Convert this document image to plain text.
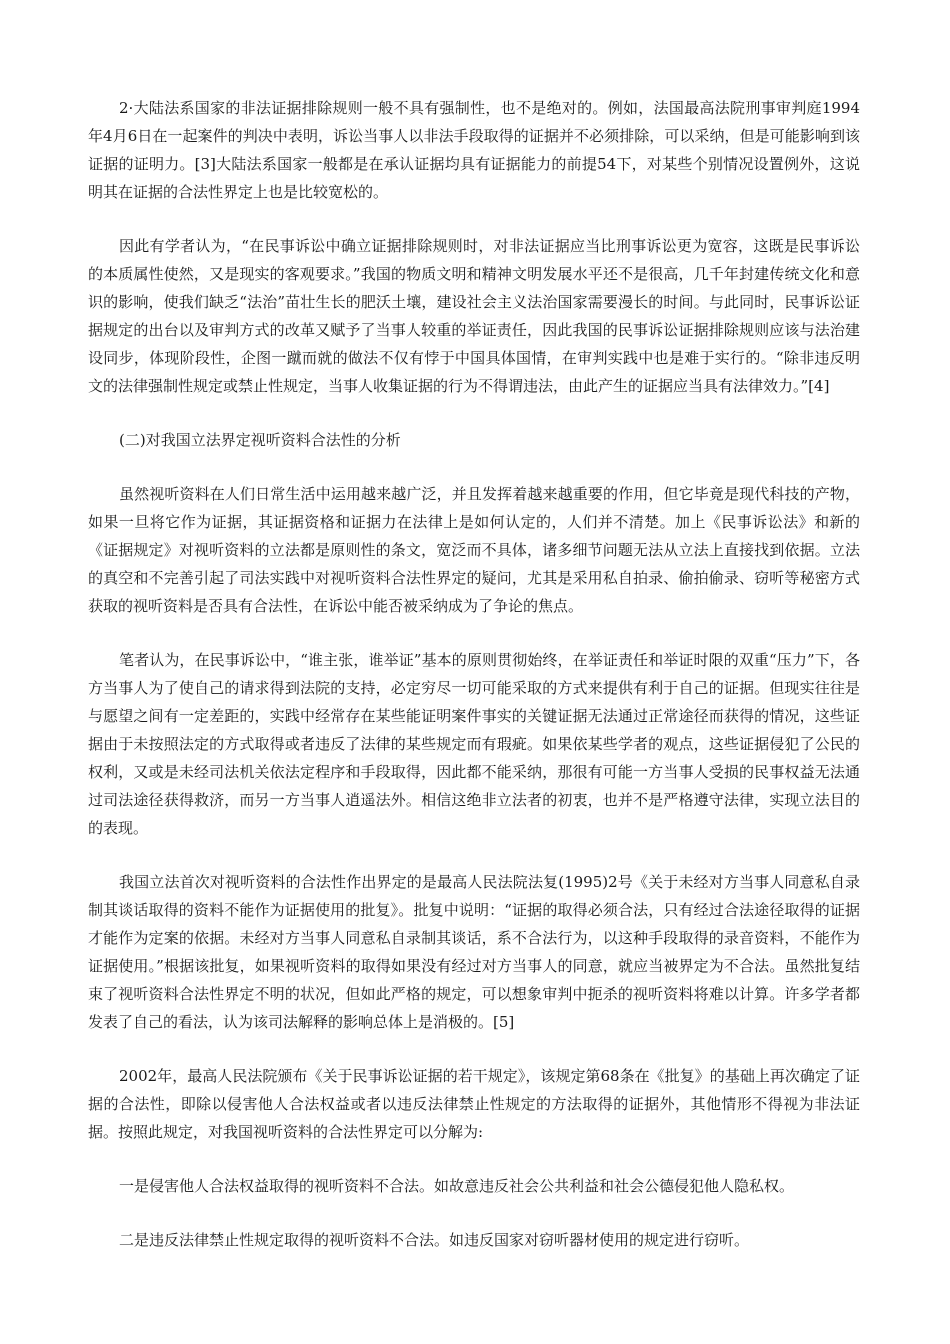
2·大陆法系国家的非法证据排除规则一般不具有强制性，也不是绝对的。例如，法国最高法院刑事审判庭1994年4月6日在一起案件的判决中表明，诉讼当事人以非法手段取得的证据并不必须排除，可以采纳，但是可能影响到该证据的证明力。[3]大陆法系国家一般都是在承认证据均具有证据能力的前提54下，对某些个别情况设置例外，这说明其在证据的合法性界定上也是比较宽松的。

因此有学者认为，“在民事诉讼中确立证据排除规则时，对非法证据应当比刑事诉讼更为宽容，这既是民事诉讼的本质属性使然，又是现实的客观要求。”我国的物质文明和精神文明发展水平还不是很高，几千年封建传统文化和意识的影响，使我们缺乏“法治”苗壮生长的肥沃土壤，建设社会主义法治国家需要漫长的时间。与此同时，民事诉讼证据规定的出台以及审判方式的改革又赋予了当事人较重的举证责任，因此我国的民事诉讼证据排除规则应该与法治建设同步，体现阶段性，企图一蹴而就的做法不仅有悖于中国具体国情，在审判实践中也是难于实行的。“除非违反明文的法律强制性规定或禁止性规定，当事人收集证据的行为不得谓违法，由此产生的证据应当具有法律效力。”[4]

(二)对我国立法界定视听资料合法性的分析

虽然视听资料在人们日常生活中运用越来越广泛，并且发挥着越来越重要的作用，但它毕竟是现代科技的产物，如果一旦将它作为证据，其证据资格和证据力在法律上是如何认定的，人们并不清楚。加上《民事诉讼法》和新的《证据规定》对视听资料的立法都是原则性的条文，宽泛而不具体，诸多细节问题无法从立法上直接找到依据。立法的真空和不完善引起了司法实践中对视听资料合法性界定的疑问，尤其是采用私自拍录、偷拍偷录、窃听等秘密方式获取的视听资料是否具有合法性，在诉讼中能否被采纳成为了争论的焦点。

笔者认为，在民事诉讼中，“谁主张，谁举证”基本的原则贯彻始终，在举证责任和举证时限的双重“压力”下，各方当事人为了使自己的请求得到法院的支持，必定穷尽一切可能采取的方式来提供有利于自己的证据。但现实往往是与愿望之间有一定差距的，实践中经常存在某些能证明案件事实的关键证据无法通过正常途径而获得的情况，这些证据由于未按照法定的方式取得或者违反了法律的某些规定而有瑕疵。如果依某些学者的观点，这些证据侵犯了公民的权利，又或是未经司法机关依法定程序和手段取得，因此都不能采纳，那很有可能一方当事人受损的民事权益无法通过司法途径获得救济，而另一方当事人逍遥法外。相信这绝非立法者的初衷，也并不是严格遵守法律，实现立法目的的表现。

我国立法首次对视听资料的合法性作出界定的是最高人民法院法复(1995)2号《关于未经对方当事人同意私自录制其谈话取得的资料不能作为证据使用的批复》。批复中说明：“证据的取得必须合法，只有经过合法途径取得的证据才能作为定案的依据。未经对方当事人同意私自录制其谈话，系不合法行为，以这种手段取得的录音资料，不能作为证据使用。”根据该批复，如果视听资料的取得如果没有经过对方当事人的同意，就应当被界定为不合法。虽然批复结束了视听资料合法性界定不明的状况，但如此严格的规定，可以想象审判中扼杀的视听资料将难以计算。许多学者都发表了自己的看法，认为该司法解释的影响总体上是消极的。[5]

2002年，最高人民法院颁布《关于民事诉讼证据的若干规定》，该规定第68条在《批复》的基础上再次确定了证据的合法性，即除以侵害他人合法权益或者以违反法律禁止性规定的方法取得的证据外，其他情形不得视为非法证据。按照此规定，对我国视听资料的合法性界定可以分解为:

一是侵害他人合法权益取得的视听资料不合法。如故意违反社会公共利益和社会公德侵犯他人隐私权。

二是违反法律禁止性规定取得的视听资料不合法。如违反国家对窃听器材使用的规定进行窃听。
